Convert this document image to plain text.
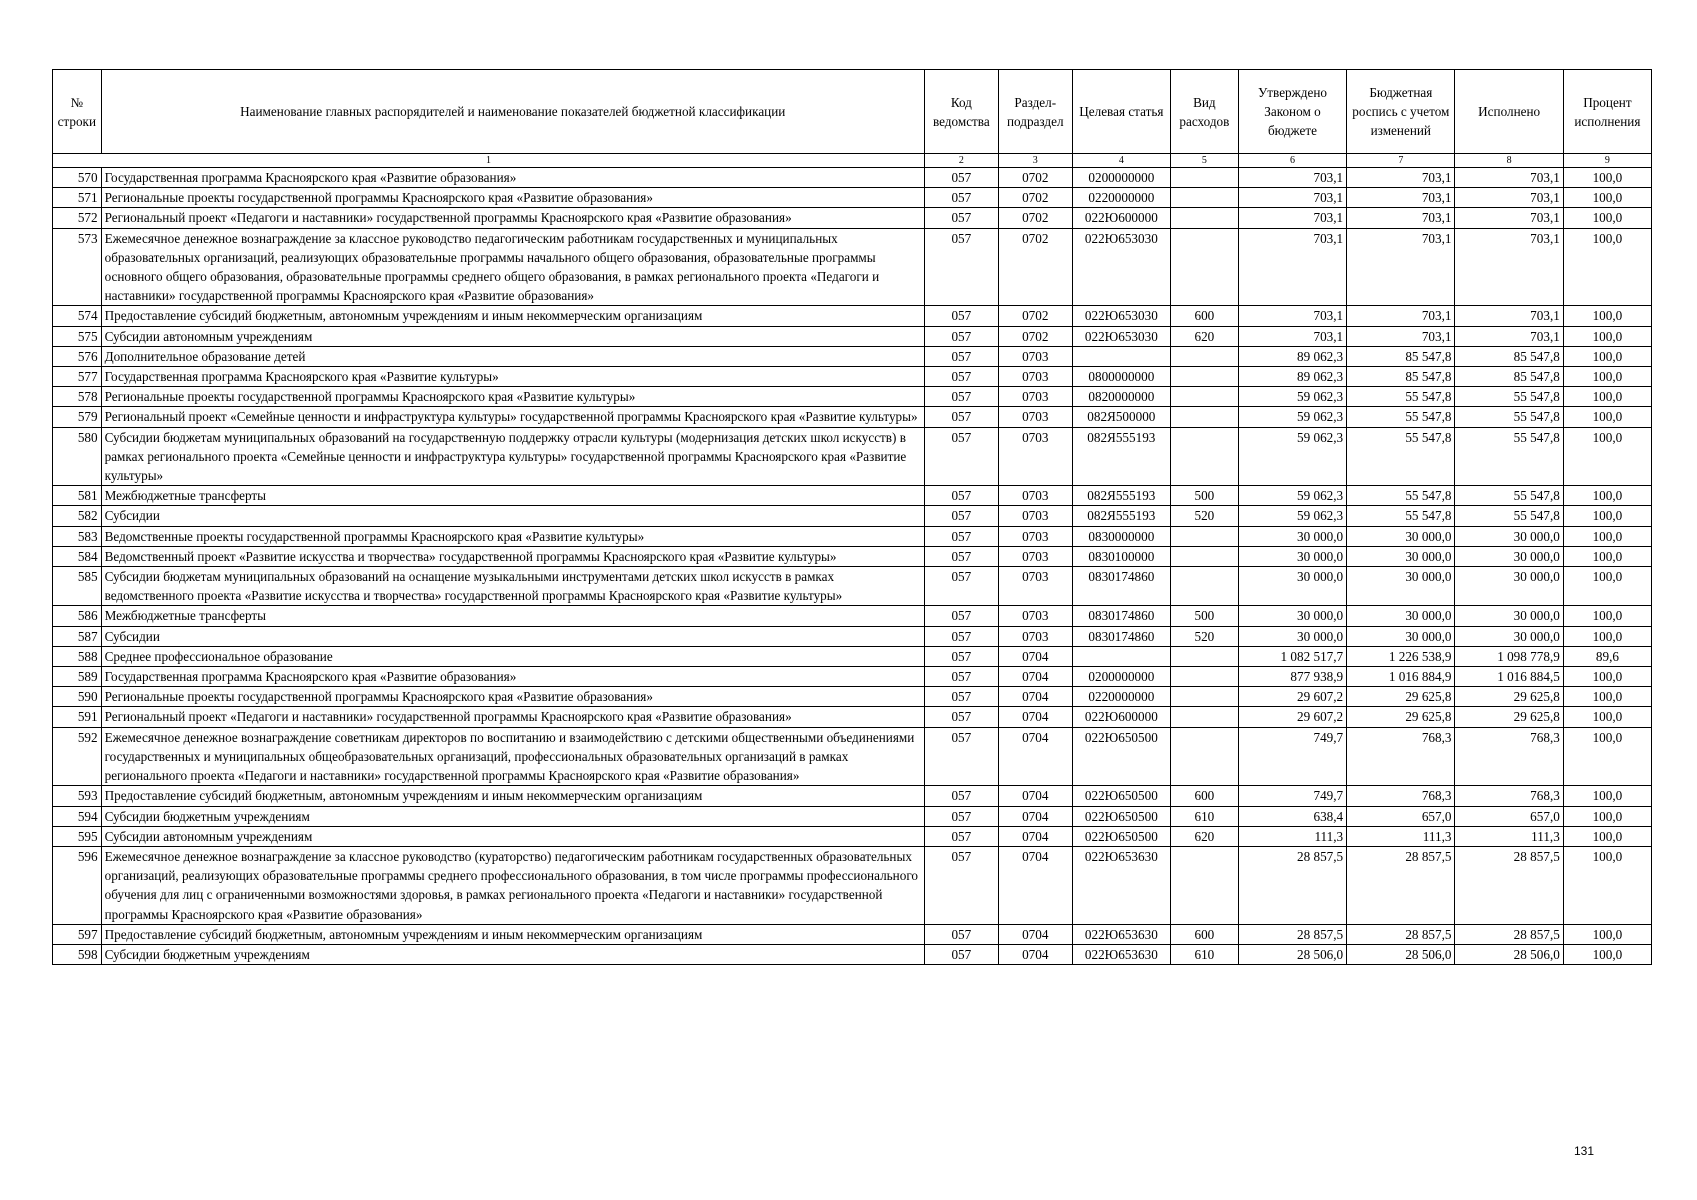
№ строки	Наименование главных распорядителей и наименование показателей бюджетной классификации	Код ведомства	Раздел-подраздел	Целевая статья	Вид расходов	Утверждено Законом о бюджете	Бюджетная роспись с учетом изменений	Исполнено	Процент исполнения
1		2	3	4	5	6	7	8	9
570	Государственная программа Красноярского края «Развитие образования»	057	0702	0200000000		703,1	703,1	703,1	100,0
571	Региональные проекты государственной программы Красноярского края «Развитие образования»	057	0702	0220000000		703,1	703,1	703,1	100,0
572	Региональный проект «Педагоги и наставники» государственной программы Красноярского края «Развитие образования»	057	0702	022Ю600000		703,1	703,1	703,1	100,0
573	Ежемесячное денежное вознаграждение за классное руководство педагогическим работникам государственных и муниципальных образовательных организаций, реализующих образовательные программы начального общего образования, образовательные программы основного общего образования, образовательные программы среднего общего образования, в рамках регионального проекта «Педагоги и наставники» государственной программы Красноярского края «Развитие образования»	057	0702	022Ю653030		703,1	703,1	703,1	100,0
574	Предоставление субсидий бюджетным, автономным учреждениям и иным некоммерческим организациям	057	0702	022Ю653030	600	703,1	703,1	703,1	100,0
575	Субсидии автономным учреждениям	057	0702	022Ю653030	620	703,1	703,1	703,1	100,0
576	Дополнительное образование детей	057	0703			89 062,3	85 547,8	85 547,8	100,0
577	Государственная программа Красноярского края «Развитие культуры»	057	0703	0800000000		89 062,3	85 547,8	85 547,8	100,0
578	Региональные проекты государственной программы Красноярского края «Развитие культуры»	057	0703	0820000000		59 062,3	55 547,8	55 547,8	100,0
579	Региональный проект «Семейные ценности и инфраструктура культуры» государственной программы Красноярского края «Развитие культуры»	057	0703	082Я500000		59 062,3	55 547,8	55 547,8	100,0
580	Субсидии бюджетам муниципальных образований на государственную поддержку отрасли культуры (модернизация детских школ искусств) в рамках регионального проекта «Семейные ценности и инфраструктура культуры» государственной программы Красноярского края «Развитие культуры»	057	0703	082Я555193		59 062,3	55 547,8	55 547,8	100,0
581	Межбюджетные трансферты	057	0703	082Я555193	500	59 062,3	55 547,8	55 547,8	100,0
582	Субсидии	057	0703	082Я555193	520	59 062,3	55 547,8	55 547,8	100,0
583	Ведомственные проекты государственной программы Красноярского края «Развитие культуры»	057	0703	0830000000		30 000,0	30 000,0	30 000,0	100,0
584	Ведомственный проект «Развитие искусства и творчества» государственной программы Красноярского края «Развитие культуры»	057	0703	0830100000		30 000,0	30 000,0	30 000,0	100,0
585	Субсидии бюджетам муниципальных образований на оснащение музыкальными инструментами детских школ искусств в рамках ведомственного проекта «Развитие искусства и творчества» государственной программы Красноярского края «Развитие культуры»	057	0703	0830174860		30 000,0	30 000,0	30 000,0	100,0
586	Межбюджетные трансферты	057	0703	0830174860	500	30 000,0	30 000,0	30 000,0	100,0
587	Субсидии	057	0703	0830174860	520	30 000,0	30 000,0	30 000,0	100,0
588	Среднее профессиональное образование	057	0704			1 082 517,7	1 226 538,9	1 098 778,9	89,6
589	Государственная программа Красноярского края «Развитие образования»	057	0704	0200000000		877 938,9	1 016 884,9	1 016 884,5	100,0
590	Региональные проекты государственной программы Красноярского края «Развитие образования»	057	0704	0220000000		29 607,2	29 625,8	29 625,8	100,0
591	Региональный проект «Педагоги и наставники» государственной программы Красноярского края «Развитие образования»	057	0704	022Ю600000		29 607,2	29 625,8	29 625,8	100,0
592	Ежемесячное денежное вознаграждение советникам директоров по воспитанию и взаимодействию с детскими общественными объединениями государственных и муниципальных общеобразовательных организаций, профессиональных образовательных организаций в рамках регионального проекта «Педагоги и наставники» государственной программы Красноярского края «Развитие образования»	057	0704	022Ю650500		749,7	768,3	768,3	100,0
593	Предоставление субсидий бюджетным, автономным учреждениям и иным некоммерческим организациям	057	0704	022Ю650500	600	749,7	768,3	768,3	100,0
594	Субсидии бюджетным учреждениям	057	0704	022Ю650500	610	638,4	657,0	657,0	100,0
595	Субсидии автономным учреждениям	057	0704	022Ю650500	620	111,3	111,3	111,3	100,0
596	Ежемесячное денежное вознаграждение за классное руководство (кураторство) педагогическим работникам государственных образовательных организаций, реализующих образовательные программы среднего профессионального образования, в том числе программы профессионального обучения для лиц с ограниченными возможностями здоровья, в рамках регионального проекта «Педагоги и наставники» государственной программы Красноярского края «Развитие образования»	057	0704	022Ю653630		28 857,5	28 857,5	28 857,5	100,0
597	Предоставление субсидий бюджетным, автономным учреждениям и иным некоммерческим организациям	057	0704	022Ю653630	600	28 857,5	28 857,5	28 857,5	100,0
598	Субсидии бюджетным учреждениям	057	0704	022Ю653630	610	28 506,0	28 506,0	28 506,0	100,0
131
